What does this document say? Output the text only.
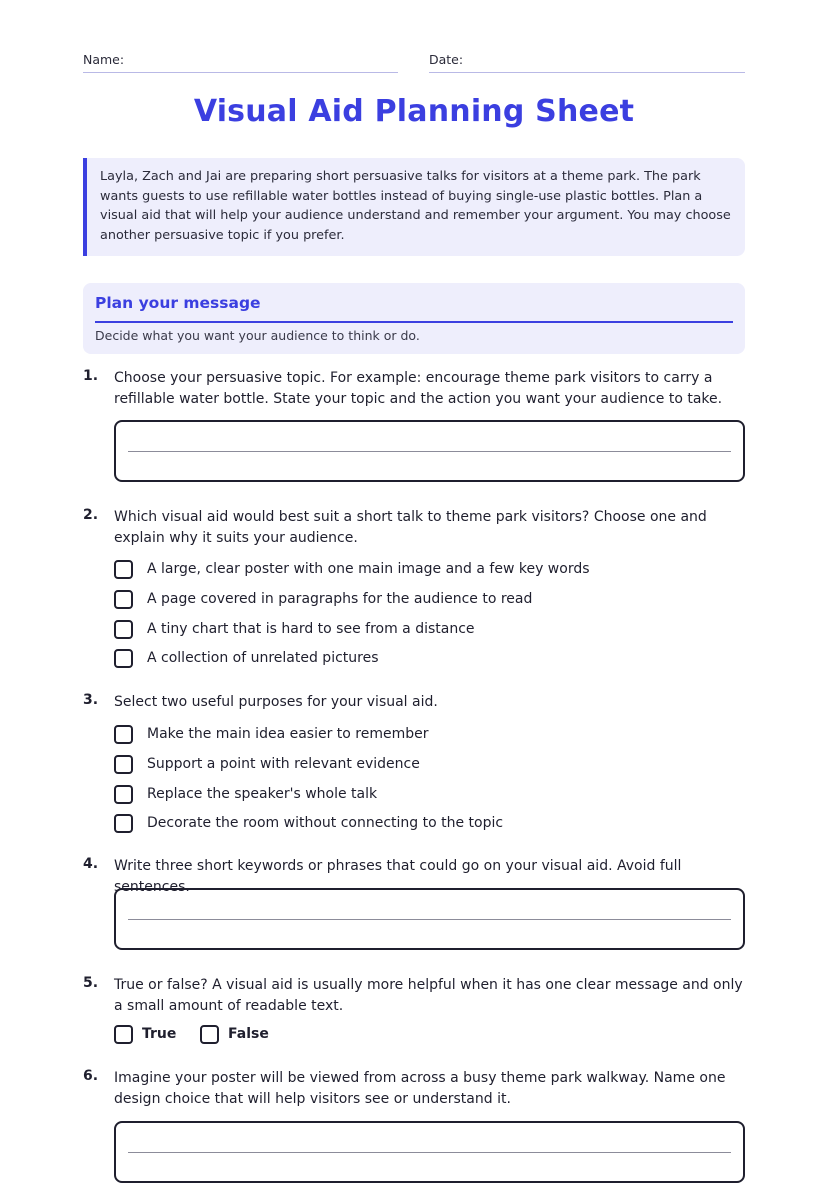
Name:	Date:
Visual Aid Planning Sheet
Layla, Zach and Jai are preparing short persuasive talks for visitors at a theme park. The park wants guests to use refillable water bottles instead of buying single-use plastic bottles. Plan a visual aid that will help your audience understand and remember your argument. You may choose another persuasive topic if you prefer.
Plan your message
Decide what you want your audience to think or do.
1. Choose your persuasive topic. For example: encourage theme park visitors to carry a refillable water bottle. State your topic and the action you want your audience to take.
2. Which visual aid would best suit a short talk to theme park visitors? Choose one and explain why it suits your audience.
A large, clear poster with one main image and a few key words
A page covered in paragraphs for the audience to read
A tiny chart that is hard to see from a distance
A collection of unrelated pictures
3. Select two useful purposes for your visual aid.
Make the main idea easier to remember
Support a point with relevant evidence
Replace the speaker's whole talk
Decorate the room without connecting to the topic
4. Write three short keywords or phrases that could go on your visual aid. Avoid full sentences.
5. True or false? A visual aid is usually more helpful when it has one clear message and only a small amount of readable text.
True	False
6. Imagine your poster will be viewed from across a busy theme park walkway. Name one design choice that will help visitors see or understand it.
